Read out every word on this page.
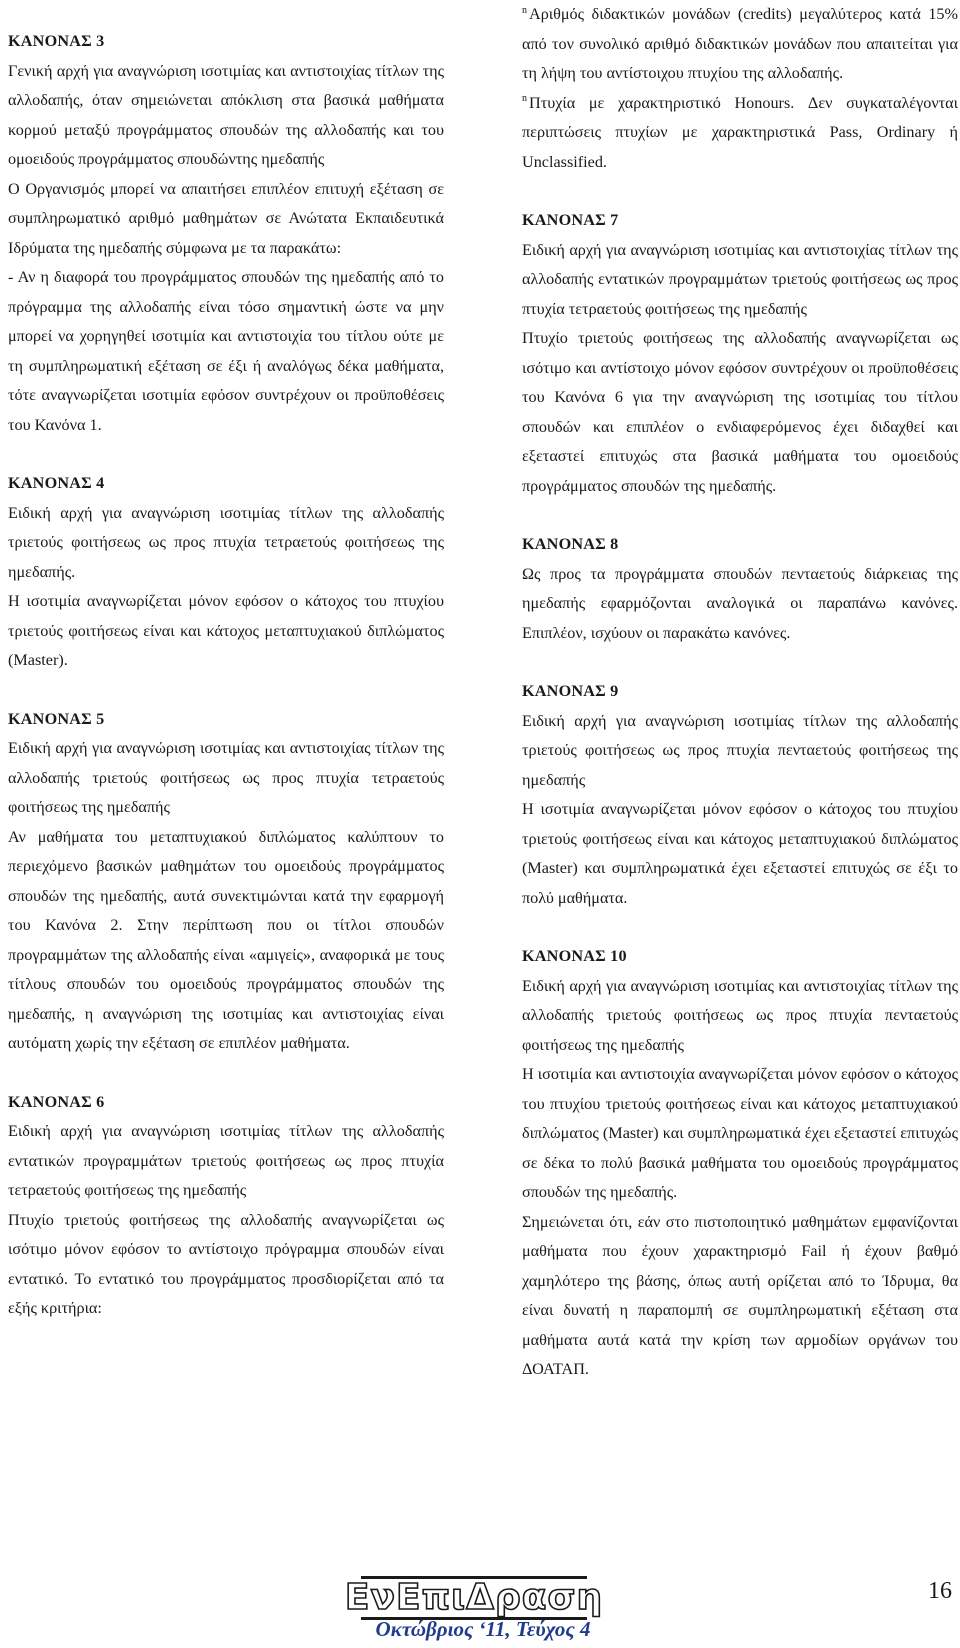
ΚΑΝΟΝΑΣ 3

Γενική αρχή για αναγνώριση ισοτιμίας και αντιστοιχίας τίτλων της αλλοδαπής, όταν σημειώνεται απόκλιση στα βασικά μαθήματα κορμού μεταξύ προγράμματος σπουδών της αλλοδαπής και του ομοειδούς προγράμματος σπουδώντης ημεδαπής

Ο Οργανισμός μπορεί να απαιτήσει επιπλέον επιτυχή εξέταση σε συμπληρωματικό αριθμό μαθημάτων σε Ανώτατα Εκπαιδευτικά Ιδρύματα της ημεδαπής σύμφωνα με τα παρακάτω:

- Αν η διαφορά του προγράμματος σπουδών της ημεδαπής από το πρόγραμμα της αλλοδαπής είναι τόσο σημαντική ώστε να μην μπορεί να χορηγηθεί ισοτιμία και αντιστοιχία του τίτλου ούτε με τη συμπληρωματική εξέταση σε έξι ή αναλόγως δέκα μαθήματα, τότε αναγνωρίζεται ισοτιμία εφόσον συντρέχουν οι προϋποθέσεις του Κανόνα 1.

ΚΑΝΟΝΑΣ 4

Ειδική αρχή για αναγνώριση ισοτιμίας τίτλων της αλλοδαπής τριετούς φοιτήσεως ως προς πτυχία τετραετούς φοιτήσεως της ημεδαπής.

Η ισοτιμία αναγνωρίζεται μόνον εφόσον ο κάτοχος του πτυχίου τριετούς φοιτήσεως είναι και κάτοχος μεταπτυχιακού διπλώματος (Master).

ΚΑΝΟΝΑΣ 5

Ειδική αρχή για αναγνώριση ισοτιμίας και αντιστοιχίας τίτλων της αλλοδαπής τριετούς φοιτήσεως ως προς πτυχία τετραετούς φοιτήσεως της ημεδαπής

Αν μαθήματα του μεταπτυχιακού διπλώματος καλύπτουν το περιεχόμενο βασικών μαθημάτων του ομοειδούς προγράμματος σπουδών της ημεδαπής, αυτά συνεκτιμώνται κατά την εφαρμογή του Κανόνα 2. Στην περίπτωση που οι τίτλοι σπουδών προγραμμάτων της αλλοδαπής είναι «αμιγείς», αναφορικά με τους τίτλους σπουδών του ομοειδούς προγράμματος σπουδών της ημεδαπής, η αναγνώριση της ισοτιμίας και αντιστοιχίας είναι αυτόματη χωρίς την εξέταση σε επιπλέον μαθήματα.

ΚΑΝΟΝΑΣ 6

Ειδική αρχή για αναγνώριση ισοτιμίας τίτλων της αλλοδαπής εντατικών προγραμμάτων τριετούς φοιτήσεως ως προς πτυχία τετραετούς φοιτήσεως της ημεδαπής

Πτυχίο τριετούς φοιτήσεως της αλλοδαπής αναγνωρίζεται ως ισότιμο μόνον εφόσον το αντίστοιχο πρόγραμμα σπουδών είναι εντατικό. Το εντατικό του προγράμματος προσδιορίζεται από τα εξής κριτήρια:

$^n$ Αριθμός διδακτικών μονάδων (credits) μεγαλύτερος κατά 15% από τον συνολικό αριθμό διδακτικών μονάδων που απαιτείται για τη λήψη του αντίστοιχου πτυχίου της αλλοδαπής.

$^n$ Πτυχία με χαρακτηριστικό Honours. Δεν συγκαταλέγονται περιπτώσεις πτυχίων με χαρακτηριστικά Pass, Ordinary ή Unclassified.

ΚΑΝΟΝΑΣ 7

Ειδική αρχή για αναγνώριση ισοτιμίας και αντιστοιχίας τίτλων της αλλοδαπής εντατικών προγραμμάτων τριετούς φοιτήσεως ως προς πτυχία τετραετούς φοιτήσεως της ημεδαπής

Πτυχίο τριετούς φοιτήσεως της αλλοδαπής αναγνωρίζεται ως ισότιμο και αντίστοιχο μόνον εφόσον συντρέχουν οι προϋποθέσεις του Κανόνα 6 για την αναγνώριση της ισοτιμίας του τίτλου σπουδών και επιπλέον ο ενδιαφερόμενος έχει διδαχθεί και εξεταστεί επιτυχώς στα βασικά μαθήματα του ομοειδούς προγράμματος σπουδών της ημεδαπής.

ΚΑΝΟΝΑΣ 8

Ως προς τα προγράμματα σπουδών πενταετούς διάρκειας της ημεδαπής εφαρμόζονται αναλογικά οι παραπάνω κανόνες. Επιπλέον, ισχύουν οι παρακάτω κανόνες.

ΚΑΝΟΝΑΣ 9

Ειδική αρχή για αναγνώριση ισοτιμίας τίτλων της αλλοδαπής τριετούς φοιτήσεως ως προς πτυχία πενταετούς φοιτήσεως της ημεδαπής

Η ισοτιμία αναγνωρίζεται μόνον εφόσον ο κάτοχος του πτυχίου τριετούς φοιτήσεως είναι και κάτοχος μεταπτυχιακού διπλώματος (Master) και συμπληρωματικά έχει εξεταστεί επιτυχώς σε έξι το πολύ μαθήματα.

ΚΑΝΟΝΑΣ 10

Ειδική αρχή για αναγνώριση ισοτιμίας και αντιστοιχίας τίτλων της αλλοδαπής τριετούς φοιτήσεως ως προς πτυχία πενταετούς φοιτήσεως της ημεδαπής

Η ισοτιμία και αντιστοιχία αναγνωρίζεται μόνον εφόσον ο κάτοχος του πτυχίου τριετούς φοιτήσεως είναι και κάτοχος μεταπτυχιακού διπλώματος (Master) και συμπληρωματικά έχει εξεταστεί επιτυχώς σε δέκα το πολύ βασικά μαθήματα του ομοειδούς προγράμματος σπουδών της ημεδαπής.

Σημειώνεται ότι, εάν στο πιστοποιητικό μαθημάτων εμφανίζονται μαθήματα που έχουν χαρακτηρισμό Fail ή έχουν βαθμό χαμηλότερο της βάσης, όπως αυτή ορίζεται από το Ίδρυμα, θα είναι δυνατή η παραπομπή σε συμπληρωματική εξέταση στα μαθήματα αυτά κατά την κρίση των αρμοδίων οργάνων του ΔΟΑΤΑΠ.

ΕνΕπιΔραση
Οκτώβριος ‘11, Τεύχος 4
16
